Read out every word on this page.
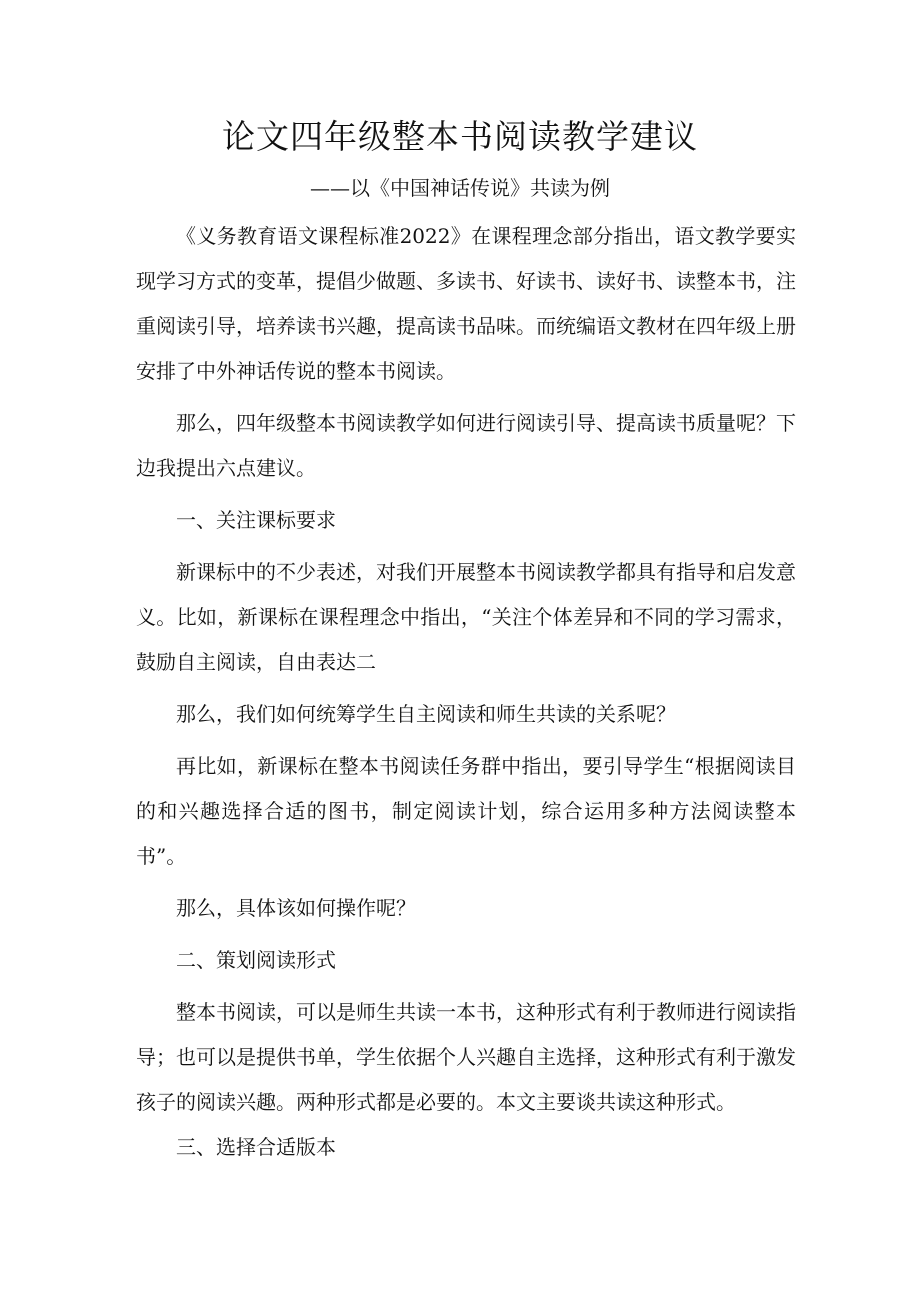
论文四年级整本书阅读教学建议
——以《中国神话传说》共读为例

《义务教育语文课程标准2022》在课程理念部分指出，语文教学要实现学习方式的变革，提倡少做题、多读书、好读书、读好书、读整本书，注重阅读引导，培养读书兴趣，提高读书品味。而统编语文教材在四年级上册安排了中外神话传说的整本书阅读。

那么，四年级整本书阅读教学如何进行阅读引导、提高读书质量呢？下边我提出六点建议。

一、关注课标要求

新课标中的不少表述，对我们开展整本书阅读教学都具有指导和启发意义。比如，新课标在课程理念中指出，“关注个体差异和不同的学习需求，鼓励自主阅读，自由表达二

那么，我们如何统筹学生自主阅读和师生共读的关系呢？

再比如，新课标在整本书阅读任务群中指出，要引导学生“根据阅读目的和兴趣选择合适的图书，制定阅读计划，综合运用多种方法阅读整本书”。

那么，具体该如何操作呢？

二、策划阅读形式

整本书阅读，可以是师生共读一本书，这种形式有利于教师进行阅读指导；也可以是提供书单，学生依据个人兴趣自主选择，这种形式有利于激发孩子的阅读兴趣。两种形式都是必要的。本文主要谈共读这种形式。

三、选择合适版本
